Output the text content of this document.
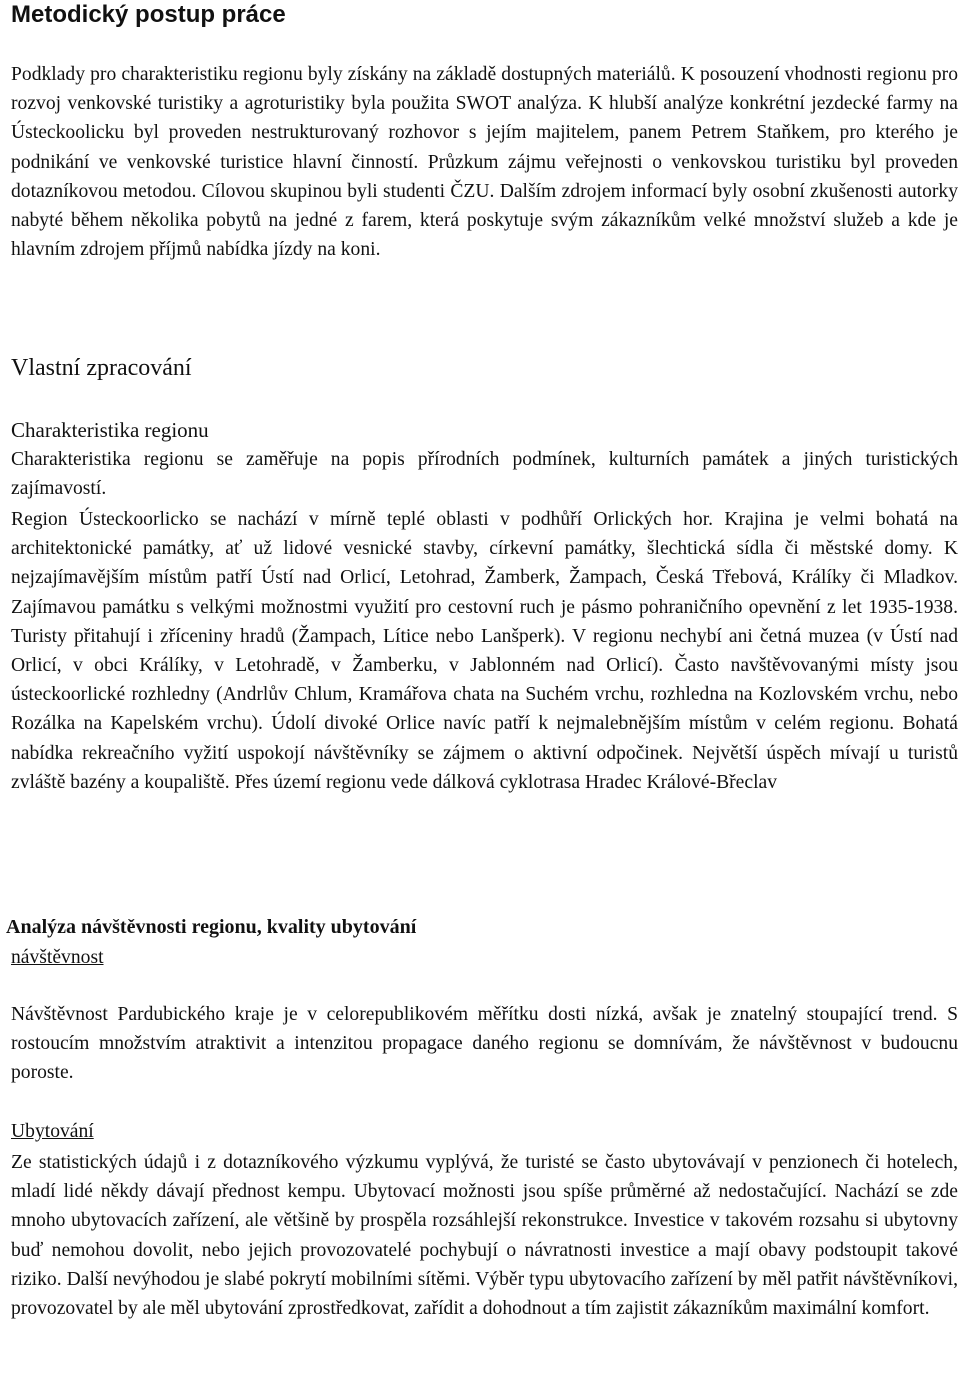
Metodický postup práce

Podklady pro charakteristiku regionu byly získány na základě dostupných materiálů. K posouzení vhodnosti regionu pro rozvoj venkovské turistiky a agroturistiky byla použita SWOT analýza. K hlubší analýze konkrétní jezdecké farmy na Ústeckoolicku byl proveden nestrukturovaný rozhovor s jejím majitelem, panem Petrem Staňkem, pro kterého je podnikání ve venkovské turistice hlavní činností. Průzkum zájmu veřejnosti o venkovskou turistiku byl proveden dotazníkovou metodou. Cílovou skupinou byli studenti ČZU. Dalším zdrojem informací byly osobní zkušenosti autorky nabyté během několika pobytů na jedné z farem, která poskytuje svým zákazníkům velké množství služeb a kde je hlavním zdrojem příjmů nabídka jízdy na koni.

Vlastní zpracování
Charakteristika regionu

Charakteristika regionu se zaměřuje na popis přírodních podmínek, kulturních památek a jiných turistických zajímavostí.

Region Ústeckoorlicko se nachází v mírně teplé oblasti v podhůří Orlických hor. Krajina je velmi bohatá na architektonické památky, ať už lidové vesnické stavby, církevní památky, šlechtická sídla či městské domy. K nejzajímavějším místům patří Ústí nad Orlicí, Letohrad, Žamberk, Žampach, Česká Třebová, Králíky či Mladkov. Zajímavou památku s velkými možnostmi využití pro cestovní ruch je pásmo pohraničního opevnění z let 1935-1938. Turisty přitahují i zříceniny hradů (Žampach, Lítice nebo Lanšperk). V regionu nechybí ani četná muzea (v Ústí nad Orlicí, v obci Králíky, v Letohradě, v Žamberku, v Jablonném nad Orlicí). Často navštěvovanými místy jsou ústeckoorlické rozhledny (Andrlův Chlum, Kramářova chata na Suchém vrchu, rozhledna na Kozlovském vrchu, nebo Rozálka na Kapelském vrchu). Údolí divoké Orlice navíc patří k nejmalebnějším místům v celém regionu. Bohatá nabídka rekreačního vyžití uspokojí návštěvníky se zájmem o aktivní odpočinek. Největší úspěch mívají u turistů zvláště bazény a koupaliště. Přes území regionu vede dálková cyklotrasa Hradec Králové-Břeclav

Analýza návštěvnosti regionu, kvality ubytování
návštěvnost

Návštěvnost Pardubického kraje je v celorepublikovém měřítku dosti nízká, avšak je znatelný stoupající trend. S rostoucím množstvím atraktivit a intenzitou propagace daného regionu se domnívám, že návštěvnost v budoucnu poroste.

Ubytování

Ze statistických údajů i z dotazníkového výzkumu vyplývá, že turisté se často ubytovávají v penzionech či hotelech, mladí lidé někdy dávají přednost kempu. Ubytovací možnosti jsou spíše průměrné až nedostačující. Nachází se zde mnoho ubytovacích zařízení, ale většině by prospěla rozsáhlejší rekonstrukce. Investice v takovém rozsahu si ubytovny buď nemohou dovolit, nebo jejich provozovatelé pochybují o návratnosti investice a mají obavy podstoupit takové riziko. Další nevýhodou je slabé pokrytí mobilními sítěmi. Výběr typu ubytovacího zařízení by měl patřit návštěvníkovi, provozovatel by ale měl ubytování zprostředkovat, zařídit a dohodnout a tím zajistit zákazníkům maximální komfort.
